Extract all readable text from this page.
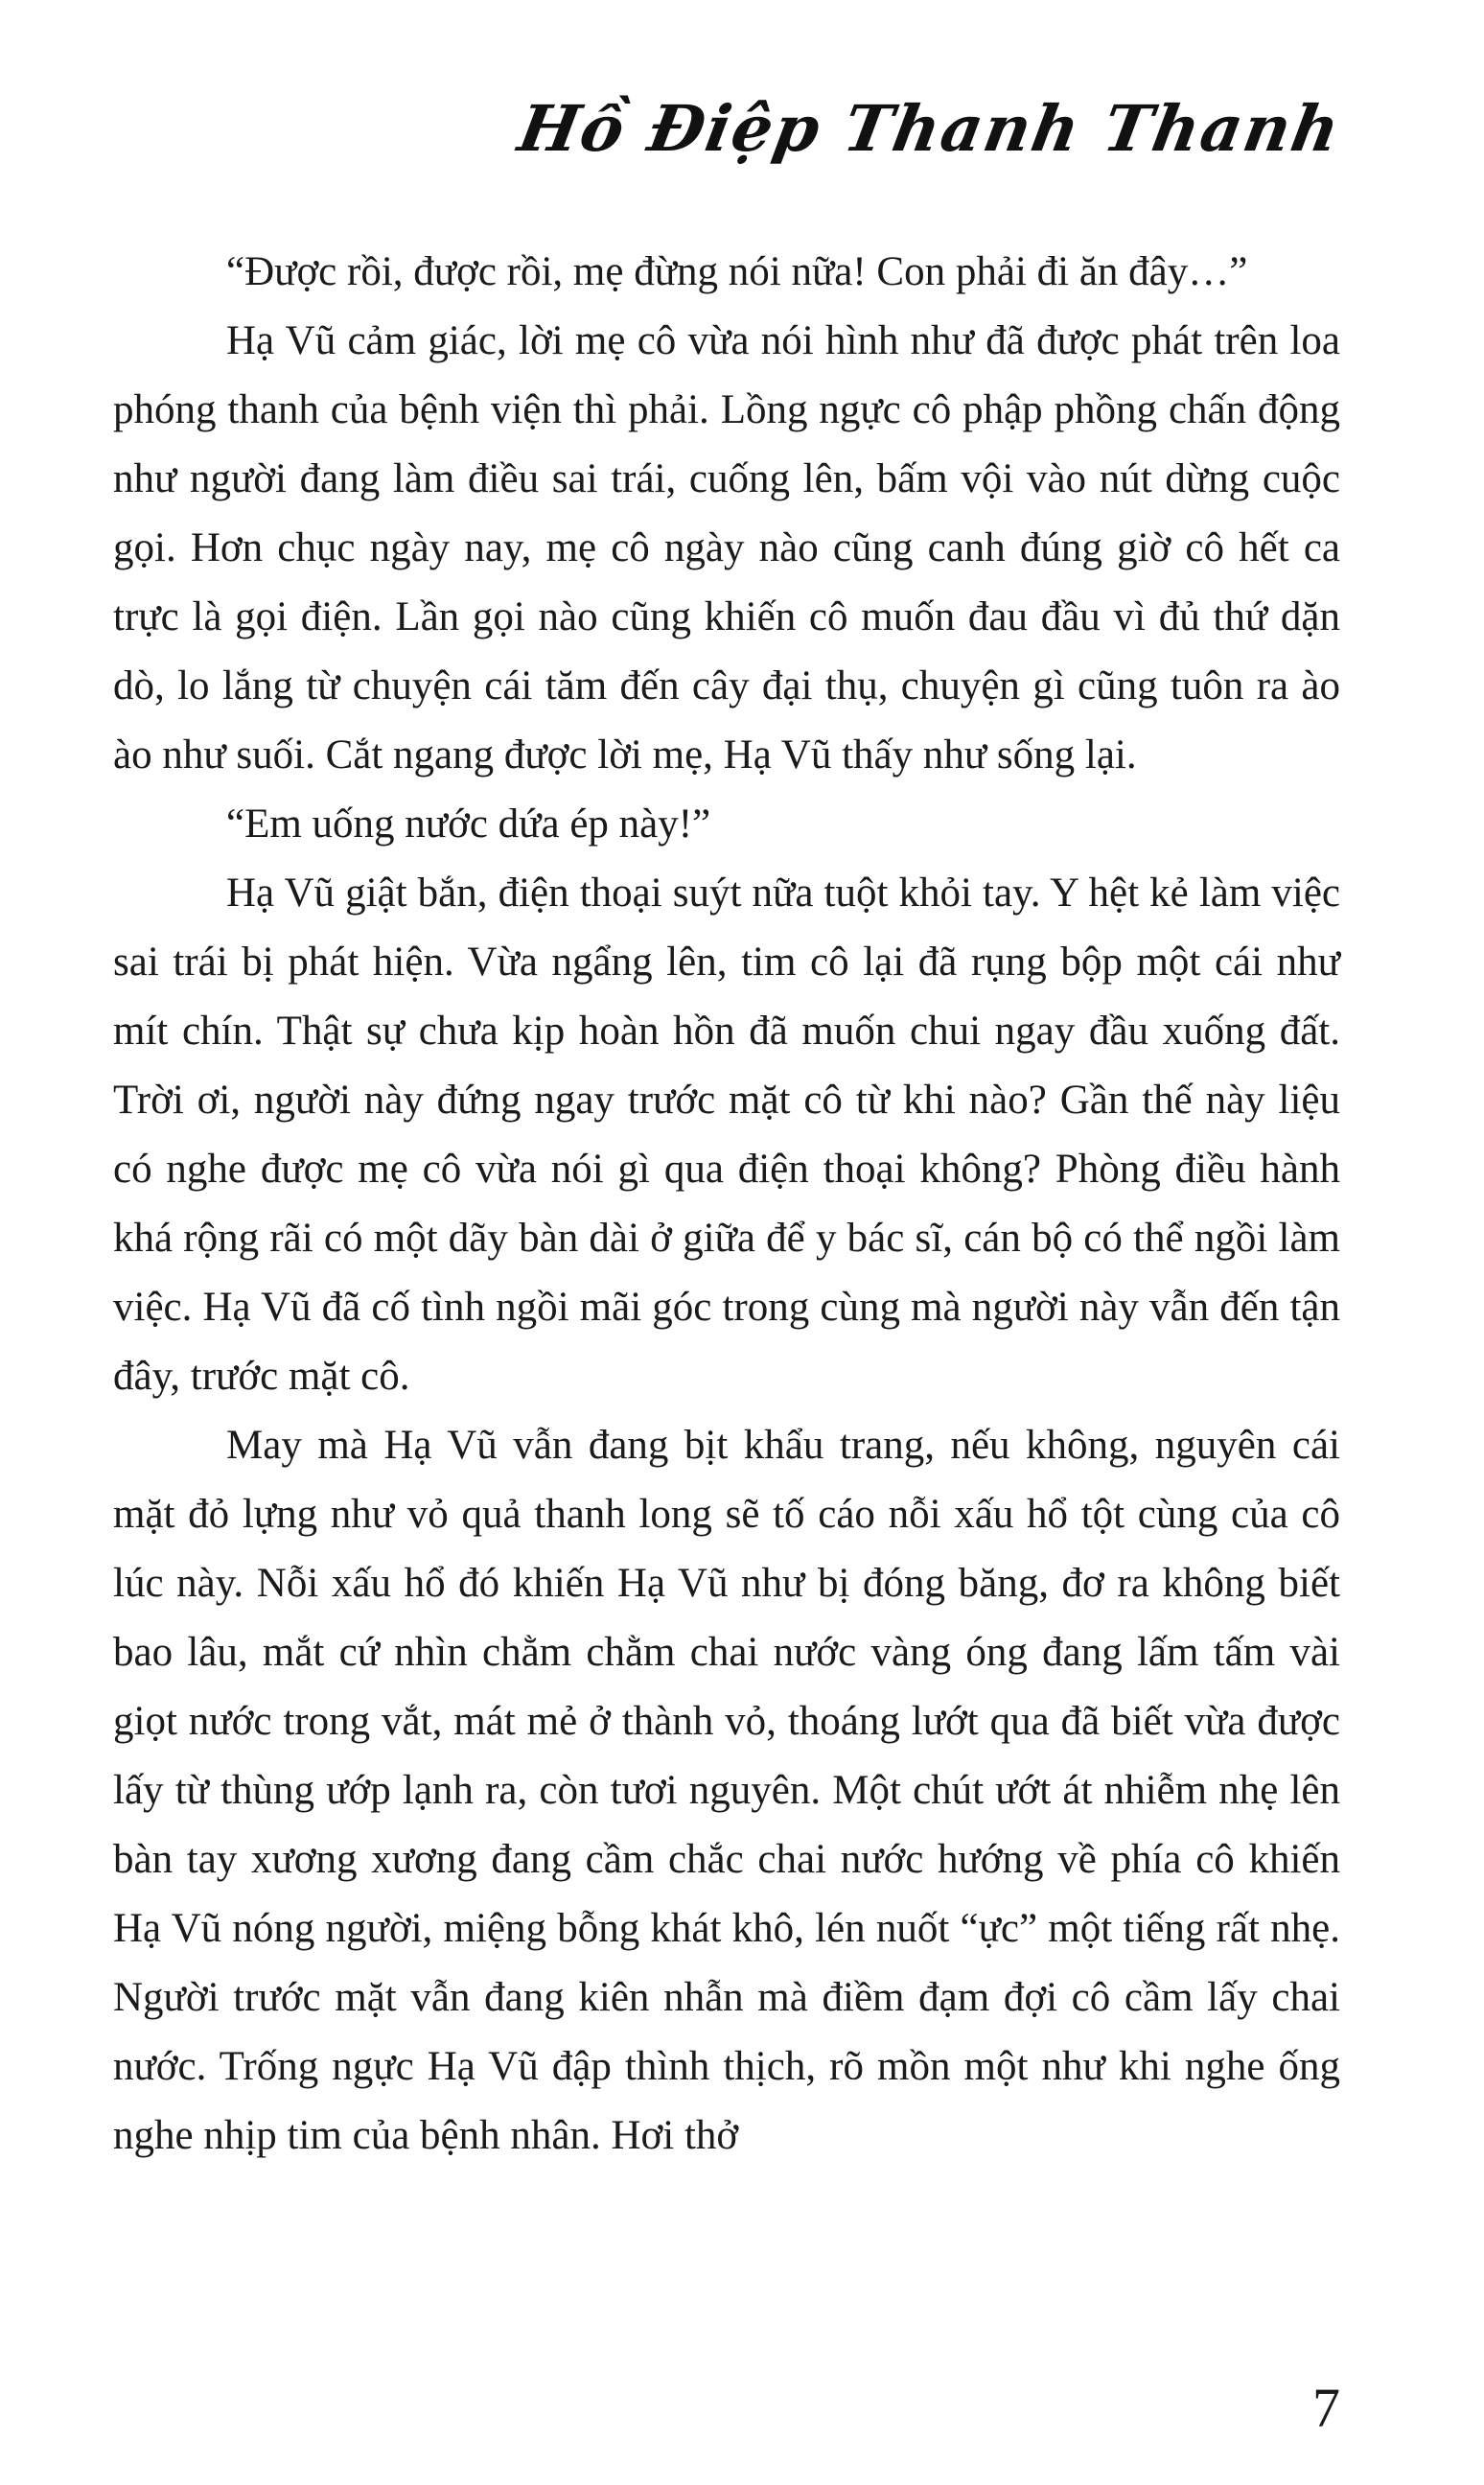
Hồ Điệp Thanh Thanh

“Được rồi, được rồi, mẹ đừng nói nữa! Con phải đi ăn đây…”

Hạ Vũ cảm giác, lời mẹ cô vừa nói hình như đã được phát trên loa phóng thanh của bệnh viện thì phải. Lồng ngực cô phập phồng chấn động như người đang làm điều sai trái, cuống lên, bấm vội vào nút dừng cuộc gọi. Hơn chục ngày nay, mẹ cô ngày nào cũng canh đúng giờ cô hết ca trực là gọi điện. Lần gọi nào cũng khiến cô muốn đau đầu vì đủ thứ dặn dò, lo lắng từ chuyện cái tăm đến cây đại thụ, chuyện gì cũng tuôn ra ào ào như suối. Cắt ngang được lời mẹ, Hạ Vũ thấy như sống lại.

“Em uống nước dứa ép này!”

Hạ Vũ giật bắn, điện thoại suýt nữa tuột khỏi tay. Y hệt kẻ làm việc sai trái bị phát hiện. Vừa ngẩng lên, tim cô lại đã rụng bộp một cái như mít chín. Thật sự chưa kịp hoàn hồn đã muốn chui ngay đầu xuống đất. Trời ơi, người này đứng ngay trước mặt cô từ khi nào? Gần thế này liệu có nghe được mẹ cô vừa nói gì qua điện thoại không? Phòng điều hành khá rộng rãi có một dãy bàn dài ở giữa để y bác sĩ, cán bộ có thể ngồi làm việc. Hạ Vũ đã cố tình ngồi mãi góc trong cùng mà người này vẫn đến tận đây, trước mặt cô.

May mà Hạ Vũ vẫn đang bịt khẩu trang, nếu không, nguyên cái mặt đỏ lựng như vỏ quả thanh long sẽ tố cáo nỗi xấu hổ tột cùng của cô lúc này. Nỗi xấu hổ đó khiến Hạ Vũ như bị đóng băng, đơ ra không biết bao lâu, mắt cứ nhìn chằm chằm chai nước vàng óng đang lấm tấm vài giọt nước trong vắt, mát mẻ ở thành vỏ, thoáng lướt qua đã biết vừa được lấy từ thùng ướp lạnh ra, còn tươi nguyên. Một chút ướt át nhiễm nhẹ lên bàn tay xương xương đang cầm chắc chai nước hướng về phía cô khiến Hạ Vũ nóng người, miệng bỗng khát khô, lén nuốt “ực” một tiếng rất nhẹ. Người trước mặt vẫn đang kiên nhẫn mà điềm đạm đợi cô cầm lấy chai nước. Trống ngực Hạ Vũ đập thình thịch, rõ mồn một như khi nghe ống nghe nhịp tim của bệnh nhân. Hơi thở

7
